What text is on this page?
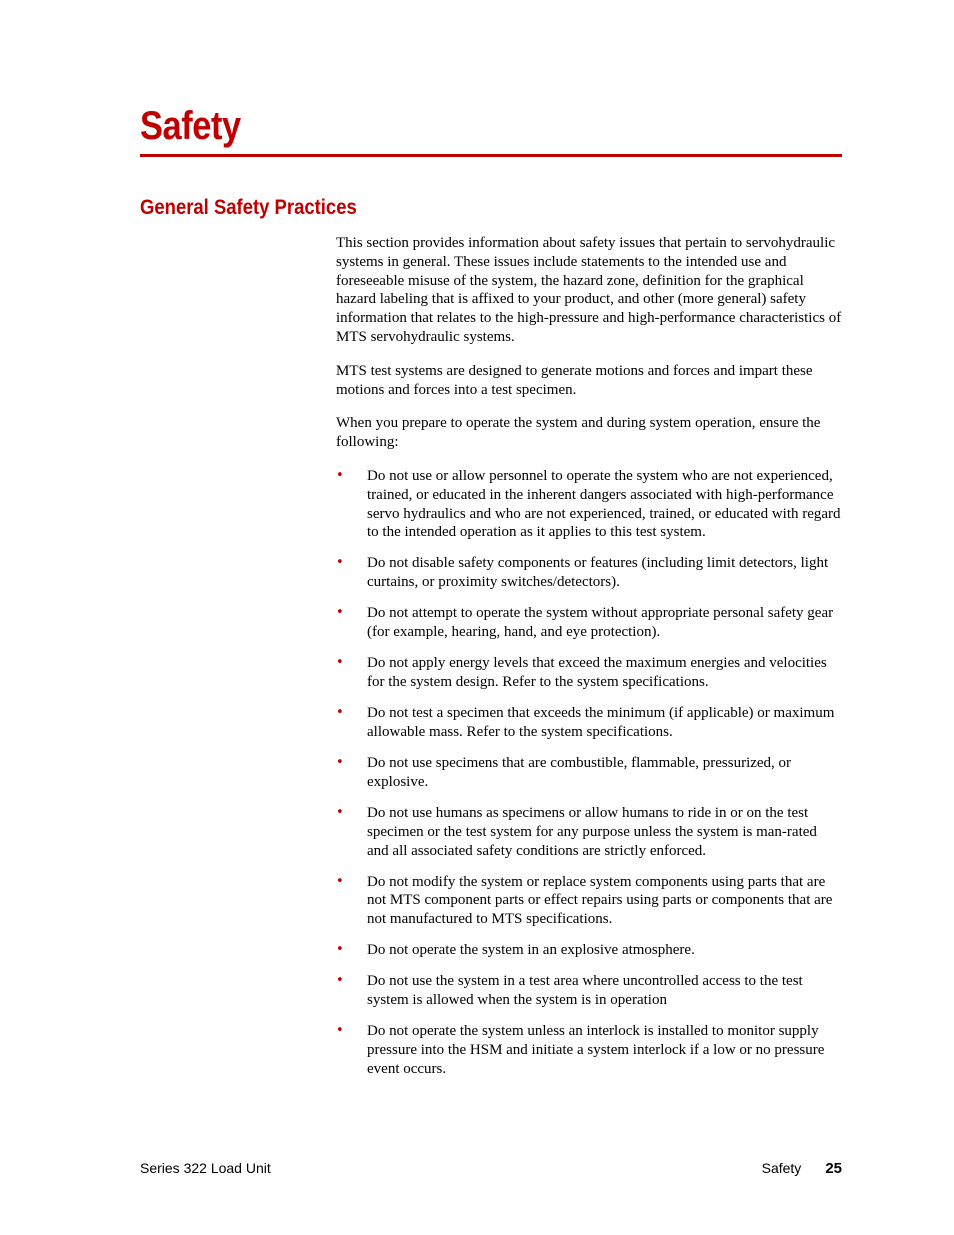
Safety
General Safety Practices

This section provides information about safety issues that pertain to servohydraulic systems in general. These issues include statements to the intended use and foreseeable misuse of the system, the hazard zone, definition for the graphical hazard labeling that is affixed to your product, and other (more general) safety information that relates to the high-pressure and high-performance characteristics of MTS servohydraulic systems.

MTS test systems are designed to generate motions and forces and impart these motions and forces into a test specimen.

When you prepare to operate the system and during system operation, ensure the following:

• Do not use or allow personnel to operate the system who are not experienced, trained, or educated in the inherent dangers associated with high-performance servo hydraulics and who are not experienced, trained, or educated with regard to the intended operation as it applies to this test system.
• Do not disable safety components or features (including limit detectors, light curtains, or proximity switches/detectors).
• Do not attempt to operate the system without appropriate personal safety gear (for example, hearing, hand, and eye protection).
• Do not apply energy levels that exceed the maximum energies and velocities for the system design. Refer to the system specifications.
• Do not test a specimen that exceeds the minimum (if applicable) or maximum allowable mass. Refer to the system specifications.
• Do not use specimens that are combustible, flammable, pressurized, or explosive.
• Do not use humans as specimens or allow humans to ride in or on the test specimen or the test system for any purpose unless the system is man-rated and all associated safety conditions are strictly enforced.
• Do not modify the system or replace system components using parts that are not MTS component parts or effect repairs using parts or components that are not manufactured to MTS specifications.
• Do not operate the system in an explosive atmosphere.
• Do not use the system in a test area where uncontrolled access to the test system is allowed when the system is in operation
• Do not operate the system unless an interlock is installed to monitor supply pressure into the HSM and initiate a system interlock if a low or no pressure event occurs.
Series 322 Load Unit	Safety 25
